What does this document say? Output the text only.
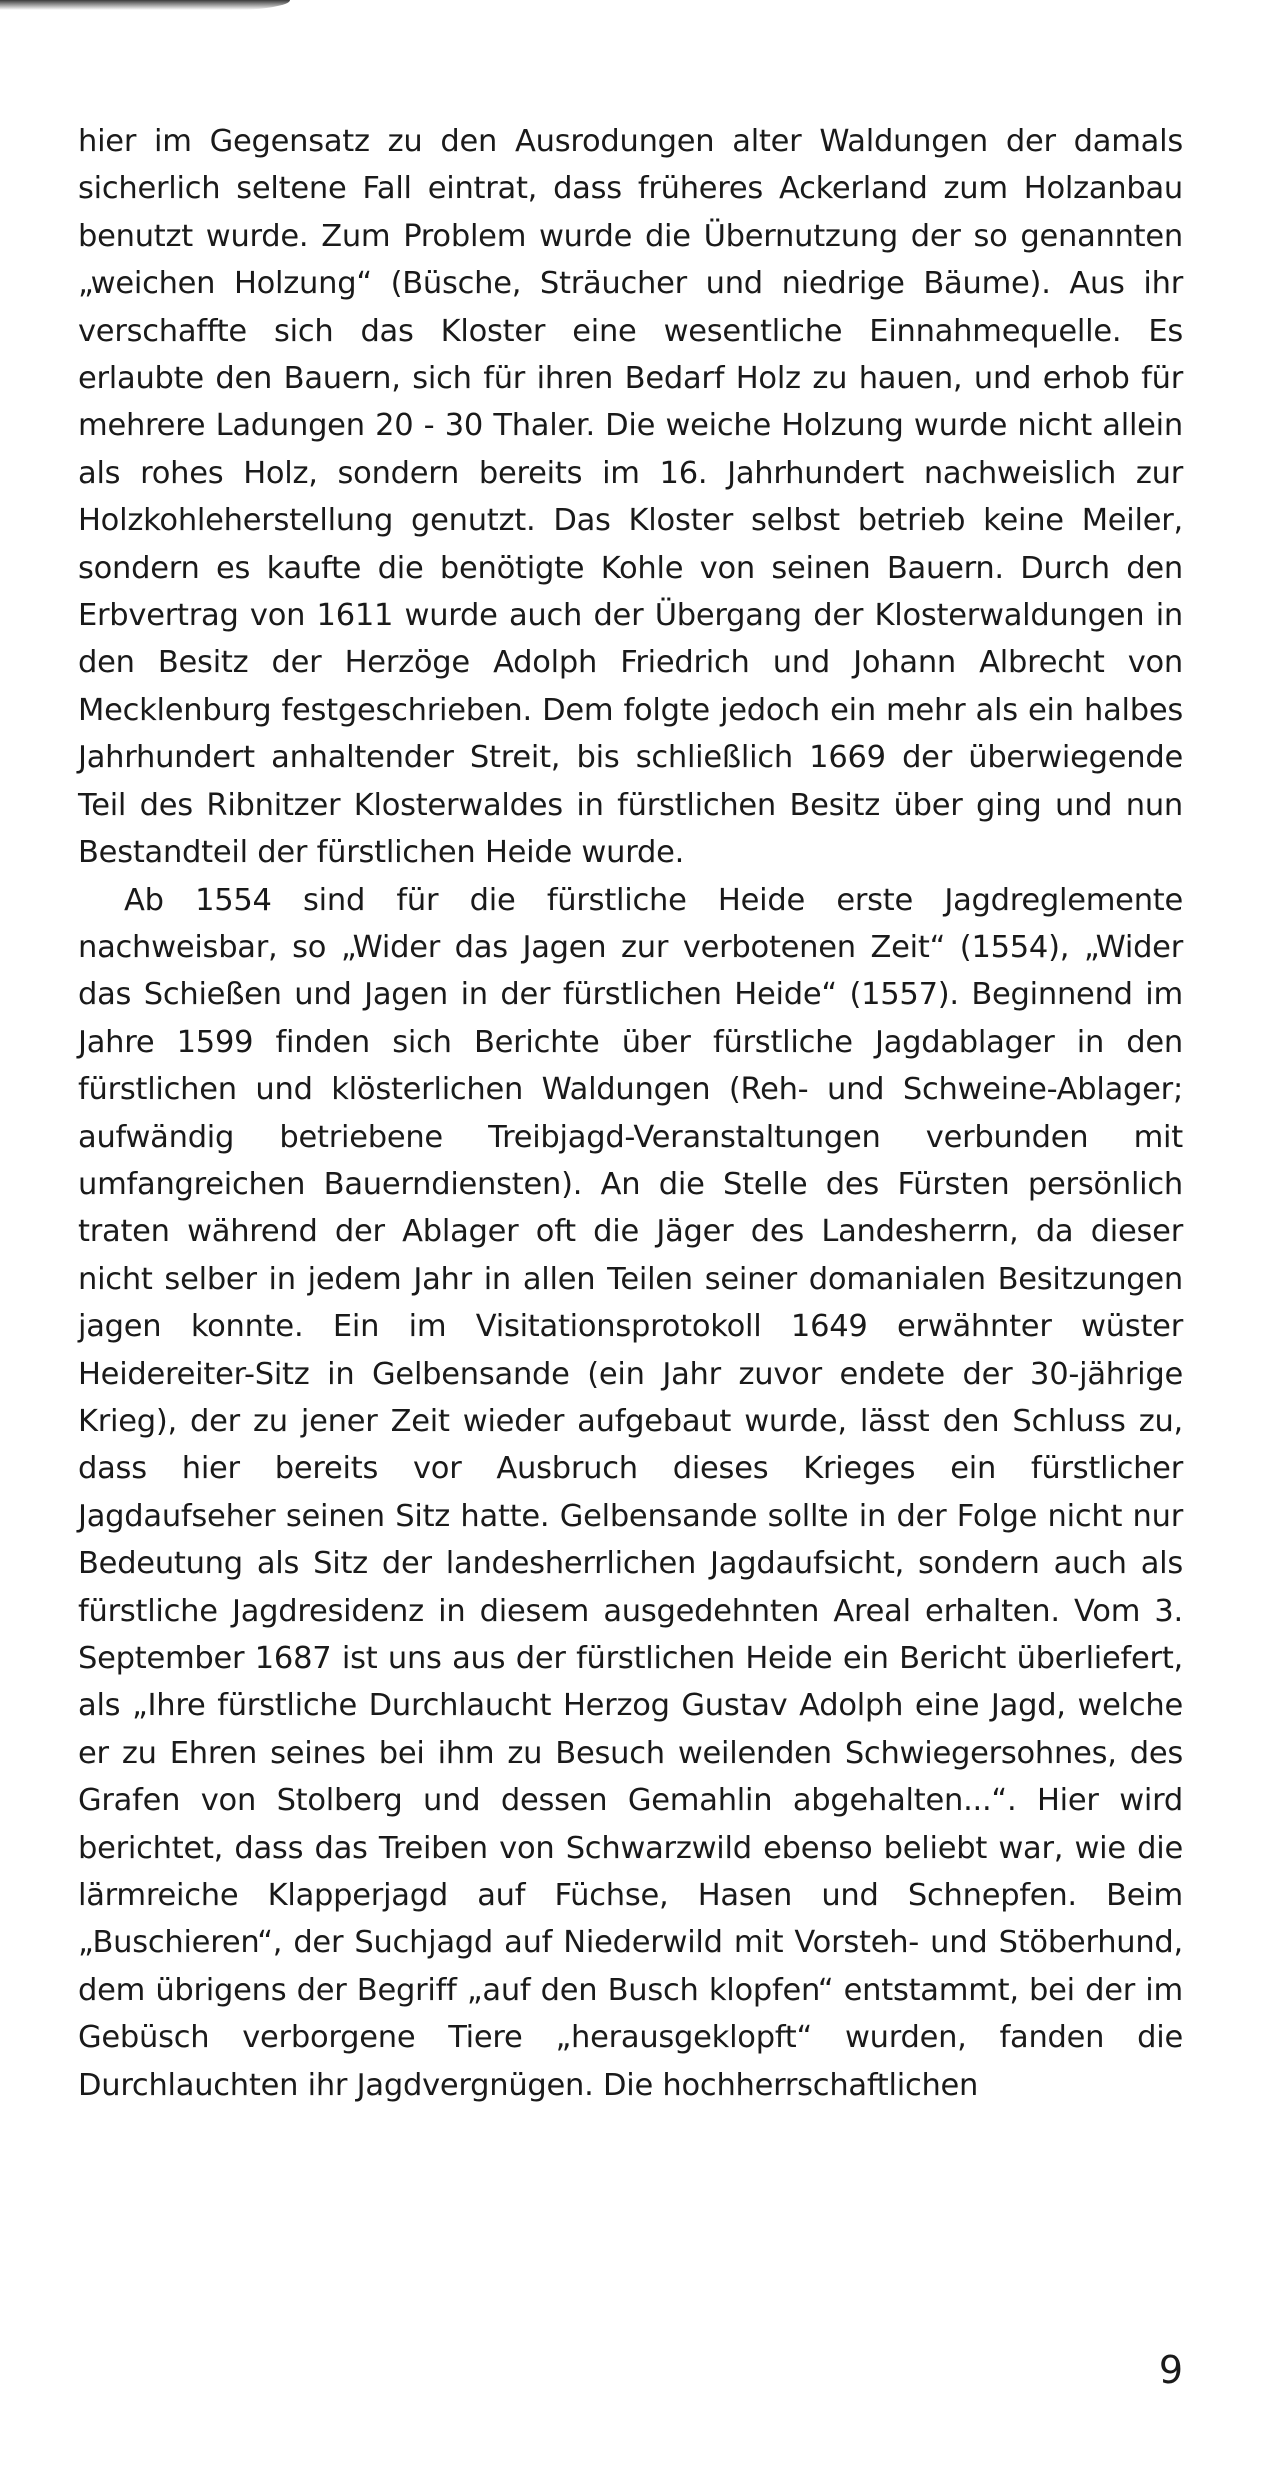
hier im Gegensatz zu den Ausrodungen alter Waldungen der damals sicherlich seltene Fall eintrat, dass früheres Ackerland zum Holzanbau benutzt wurde. Zum Problem wurde die Übernutzung der so genannten „weichen Holzung“ (Büsche, Sträucher und niedrige Bäume). Aus ihr verschaffte sich das Kloster eine wesentliche Einnahmequelle. Es erlaubte den Bauern, sich für ihren Bedarf Holz zu hauen, und erhob für mehrere Ladungen 20 - 30 Thaler. Die weiche Holzung wurde nicht allein als rohes Holz, sondern bereits im 16. Jahrhundert nachweislich zur Holzkohleherstellung genutzt. Das Kloster selbst betrieb keine Meiler, sondern es kaufte die benötigte Kohle von seinen Bauern. Durch den Erbvertrag von 1611 wurde auch der Übergang der Klosterwaldungen in den Besitz der Herzöge Adolph Friedrich und Johann Albrecht von Mecklenburg festgeschrieben. Dem folgte jedoch ein mehr als ein halbes Jahrhundert anhaltender Streit, bis schließlich 1669 der überwiegende Teil des Ribnitzer Klosterwaldes in fürstlichen Besitz über ging und nun Bestandteil der fürstlichen Heide wurde.

Ab 1554 sind für die fürstliche Heide erste Jagdreglemente nachweisbar, so „Wider das Jagen zur verbotenen Zeit“ (1554), „Wider das Schießen und Jagen in der fürstlichen Heide“ (1557). Beginnend im Jahre 1599 finden sich Berichte über fürstliche Jagdablager in den fürstlichen und klösterlichen Waldungen (Reh- und Schweine-Ablager; aufwändig betriebene Treibjagd-Veranstaltungen verbunden mit umfangreichen Bauerndiensten). An die Stelle des Fürsten persönlich traten während der Ablager oft die Jäger des Landesherrn, da dieser nicht selber in jedem Jahr in allen Teilen seiner domanialen Besitzungen jagen konnte. Ein im Visitationsprotokoll 1649 erwähnter wüster Heidereiter-Sitz in Gelbensande (ein Jahr zuvor endete der 30-jährige Krieg), der zu jener Zeit wieder aufgebaut wurde, lässt den Schluss zu, dass hier bereits vor Ausbruch dieses Krieges ein fürstlicher Jagdaufseher seinen Sitz hatte. Gelbensande sollte in der Folge nicht nur Bedeutung als Sitz der landesherrlichen Jagdaufsicht, sondern auch als fürstliche Jagdresidenz in diesem ausgedehnten Areal erhalten. Vom 3. September 1687 ist uns aus der fürstlichen Heide ein Bericht überliefert, als „Ihre fürstliche Durchlaucht Herzog Gustav Adolph eine Jagd, welche er zu Ehren seines bei ihm zu Besuch weilenden Schwiegersohnes, des Grafen von Stolberg und dessen Gemahlin abgehalten...“. Hier wird berichtet, dass das Treiben von Schwarzwild ebenso beliebt war, wie die lärmreiche Klapperjagd auf Füchse, Hasen und Schnepfen. Beim „Buschieren“, der Suchjagd auf Niederwild mit Vorsteh- und Stöberhund, dem übrigens der Begriff „auf den Busch klopfen“ entstammt, bei der im Gebüsch verborgene Tiere „herausgeklopft“ wurden, fanden die Durchlauchten ihr Jagdvergnügen. Die hochherrschaftlichen

9
